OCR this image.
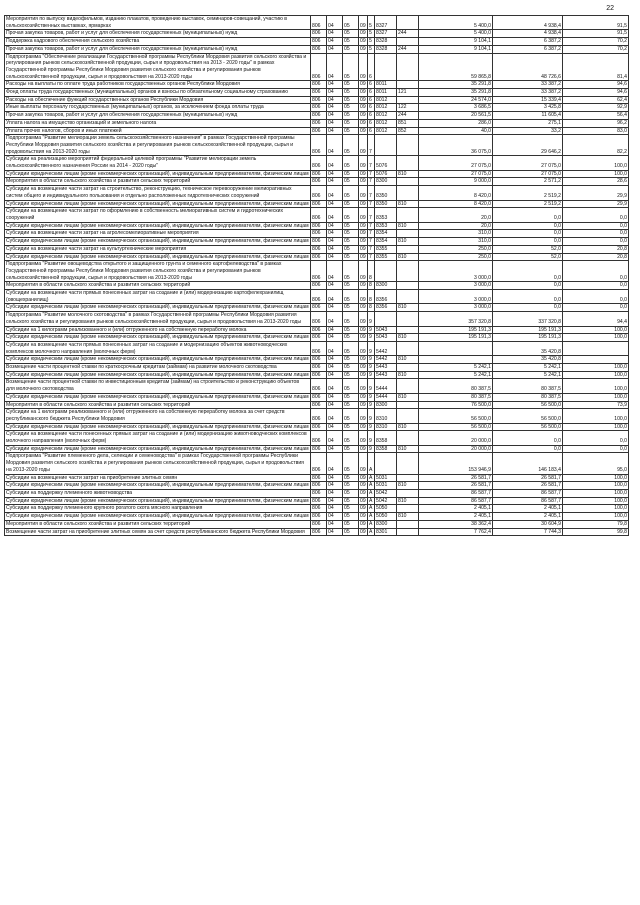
22
Мероприятия по выпуску видеофильмов, изданию плакатов, проведению выставок, семинаров-совещаний, участию в сельскохозяйственных выставках, ярмарках	806	04	05	09	5	8327		5 400,0	4 938,4	91,5
Прочая закупка товаров, работ и услуг для обеспечения государственных (муниципальных) нужд	806	04	05	09	5	8327	244	5 400,0	4 938,4	91,5
Поддержка кадрового обеспечения сельского хозяйства	806	04	05	09	5	8328		9 104,1	6 387,2	70,2
Прочая закупка товаров, работ и услуг для обеспечения государственных (муниципальных) нужд	806	04	05	09	5	8328	244	9 104,1	6 387,2	70,2
Подпрограмма "Обеспечение реализации Государственной программы Республики Мордовия развития сельского хозяйства и регулирования рынков сельскохозяйственной продукции, сырья и продовольствия на 2013 - 2020 годы" в рамках Государственной программы Республики Мордовия развития сельского хозяйства и регулирования рынков сельскохозяйственной продукции, сырья и продовольствия на 2013-2020 годы	806	04	05	09	6			59 865,8	48 726,6	81,4
Расходы на выплаты по оплате труда работников государственных органов Республики Мордовия	806	04	05	09	6	8011		35 291,8	33 387,2	94,6
Фонд оплаты труда государственных (муниципальных) органов и взносы по обязательному социальному страхованию	806	04	05	09	6	8011	121	35 291,8	33 387,2	94,6
Расходы на обеспечение функций государственных органов Республики Мордовия	806	04	05	09	6	8012		24 574,0	15 339,4	62,4
Иные выплаты персоналу государственных (муниципальных) органов, за исключением фонда оплаты труда	806	04	05	09	6	8012	122	3 686,5	3 425,8	92,9
Прочая закупка товаров, работ и услуг для обеспечения государственных (муниципальных) нужд	806	04	05	09	6	8012	244	20 561,5	11 605,4	56,4
Уплата налога на имущество организаций и земельного налога	806	04	05	09	6	8012	851	286,0	275,1	96,2
Уплата прочих налогов, сборов и иных платежей	806	04	05	09	6	8012	852	40,0	33,2	83,0
Подпрограмма "Развитие мелиорации земель сельскохозяйственного назначения" в рамках Государственной программы Республики Мордовия развития сельского хозяйства и регулирования рынков сельскохозяйственной продукции, сырья и продовольствия на 2013-2020 годы	806	04	05	09	7			36 075,0	29 646,2	82,2
Субсидии на реализацию мероприятий федеральной целевой программы "Развитие мелиорации земель сельскохозяйственного назначения России на 2014 - 2020 годы"	806	04	05	09	7	5076		27 075,0	27 075,0	100,0
Субсидии юридическим лицам (кроме некоммерческих организаций), индивидуальным предпринимателям, физическим лицам	806	04	05	09	7	5076	810	27 075,0	27 075,0	100,0
Мероприятия в области сельского хозяйства и развития сельских территорий	806	04	05	09	7	8300		9 000,0	2 571,2	28,6
Субсидии на возмещение части затрат на строительство, реконструкцию, техническое перевооружение мелиоративных систем общего и индивидуального пользования и отдельно расположенных гидротехнических сооружений	806	04	05	09	7	8350		8 420,0	2 519,2	29,9
Субсидии юридическим лицам (кроме некоммерческих организаций), индивидуальным предпринимателям, физическим лицам	806	04	05	09	7	8350	810	8 420,0	2 519,2	29,9
Субсидии на возмещение части затрат по оформлению в собственность мелиоративных систем и гидротехнических сооружений	806	04	05	09	7	8353		20,0	0,0	0,0
Субсидии юридическим лицам (кроме некоммерческих организаций), индивидуальным предпринимателям, физическим лицам	806	04	05	09	7	8353	810	20,0	0,0	0,0
Субсидии на возмещение части затрат на агролесомелиоративные мероприятия	806	04	05	09	7	8354		310,0	0,0	0,0
Субсидии юридическим лицам (кроме некоммерческих организаций), индивидуальным предпринимателям, физическим лицам	806	04	05	09	7	8354	810	310,0	0,0	0,0
Субсидии на возмещение части затрат на культуртехнические мероприятия	806	04	05	09	7	8355		250,0	52,0	20,8
Субсидии юридическим лицам (кроме некоммерческих организаций), индивидуальным предпринимателям, физическим лицам	806	04	05	09	7	8355	810	250,0	52,0	20,8
Подпрограмма "Развитие овощеводства открытого и защищенного грунта и семенного картофелеводства" в рамках Государственной программы Республики Мордовия развития сельского хозяйства и регулирования рынков сельскохозяйственной продукции, сырья и продовольствия на 2013-2020 годы	806	04	05	09	8			3 000,0	0,0	0,0
Мероприятия в области сельского хозяйства и развития сельских территорий	806	04	05	09	8	8300		3 000,0	0,0	0,0
Субсидии на возмещение части прямых понесенных затрат на создание и (или) модернизацию картофелехранилищ (овощехранилищ)	806	04	05	09	8	8356		3 000,0	0,0	0,0
Субсидии юридическим лицам (кроме некоммерческих организаций), индивидуальным предпринимателям, физическим лицам	806	04	05	09	8	8356	810	3 000,0	0,0	0,0
Подпрограмма "Развитие молочного скотоводства" в рамках Государственной программы Республики Мордовия развития сельского хозяйства и регулирования рынков сельскохозяйственной продукции, сырья и продовольствия на 2013-2020 годы	806	04	05	09	9			357 320,8	337 320,8	94,4
Субсидии на 1 килограмм реализованного и (или) отгруженного на собственную переработку молока	806	04	05	09	9	5043		195 191,3	195 191,3	100,0
Субсидии юридическим лицам (кроме некоммерческих организаций), индивидуальным предпринимателям, физическим лицам	806	04	05	09	9	5043	810	195 191,3	195 191,3	100,0
Субсидии на возмещение части прямых понесенных затрат на создание и модернизацию объектов животноводческих комплексов молочного направления (молочных ферм)	806	04	05	09	9	5442			35 420,8	
Субсидии юридическим лицам (кроме некоммерческих организаций), индивидуальным предпринимателям, физическим лицам	806	04	05	09	9	5442	810		35 420,8	
Возмещение части процентной ставки по краткосрочным кредитам (займам) на развитие молочного скотоводства	806	04	05	09	9	5443		5 242,1	5 242,1	100,0
Субсидии юридическим лицам (кроме некоммерческих организаций), индивидуальным предпринимателям, физическим лицам	806	04	05	09	9	5443	810	5 242,1	5 242,1	100,0
Возмещение части процентной ставки по инвестиционным кредитам (займам) на строительство и реконструкцию объектов для молочного скотоводства	806	04	05	09	9	5444		80 387,5	80 387,5	100,0
Субсидии юридическим лицам (кроме некоммерческих организаций), индивидуальным предпринимателям, физическим лицам	806	04	05	09	9	5444	810	80 387,5	80 387,5	100,0
Мероприятия в области сельского хозяйства и развития сельских территорий	806	04	05	09	9	8300		76 500,0	56 500,0	73,9
Субсидии на 1 килограмм реализованного и (или) отгруженного на собственную переработку молока за счет средств республиканского бюджета Республики Мордовия	806	04	05	09	9	8310		56 500,0	56 500,0	100,0
Субсидии юридическим лицам (кроме некоммерческих организаций), индивидуальным предпринимателям, физическим лицам	806	04	05	09	9	8310	810	56 500,0	56 500,0	100,0
Субсидии на возмещение части понесенных прямых затрат на создание и (или) модернизацию животноводческих комплексов молочного направления (молочных ферм)	806	04	05	09	9	8358		20 000,0	0,0	0,0
Субсидии юридическим лицам (кроме некоммерческих организаций), индивидуальным предпринимателям, физическим лицам	806	04	05	09	9	8358	810	20 000,0	0,0	0,0
Подпрограмма "Развитие племенного дела, селекции и семеноводства" в рамках Государственной программы Республики Мордовия развития сельского хозяйства и регулирования рынков сельскохозяйственной продукции, сырья и продовольствия на 2013-2020 годы	806	04	05	09	А			153 946,9	146 183,4	95,0
Субсидии на возмещение части затрат на приобретение элитных семян	806	04	05	09	А	5031		26 581,7	26 581,7	100,0
Субсидии юридическим лицам (кроме некоммерческих организаций), индивидуальным предпринимателям, физическим лицам	806	04	05	09	А	5031	810	26 581,7	26 581,7	100,0
Субсидии на поддержку племенного животноводства	806	04	05	09	А	5042		86 587,7	86 587,7	100,0
Субсидии юридическим лицам (кроме некоммерческих организаций), индивидуальным предпринимателям, физическим лицам	806	04	05	09	А	5042	810	86 587,7	86 587,7	100,0
Субсидии на поддержку племенного крупного рогатого скота мясного направления	806	04	05	09	А	5050		2 405,1	2 405,1	100,0
Субсидии юридическим лицам (кроме некоммерческих организаций), индивидуальным предпринимателям, физическим лицам	806	04	05	09	А	5050	810	2 405,1	2 405,1	100,0
Мероприятия в области сельского хозяйства и развития сельских территорий	806	04	05	09	А	8300		38 362,4	30 604,9	79,8
Возмещение части затрат на приобретение элитных семян за счет средств республиканского бюджета Республики Мордовия	806	04	05	09	А	8301		7 762,4	7 744,3	99,8
